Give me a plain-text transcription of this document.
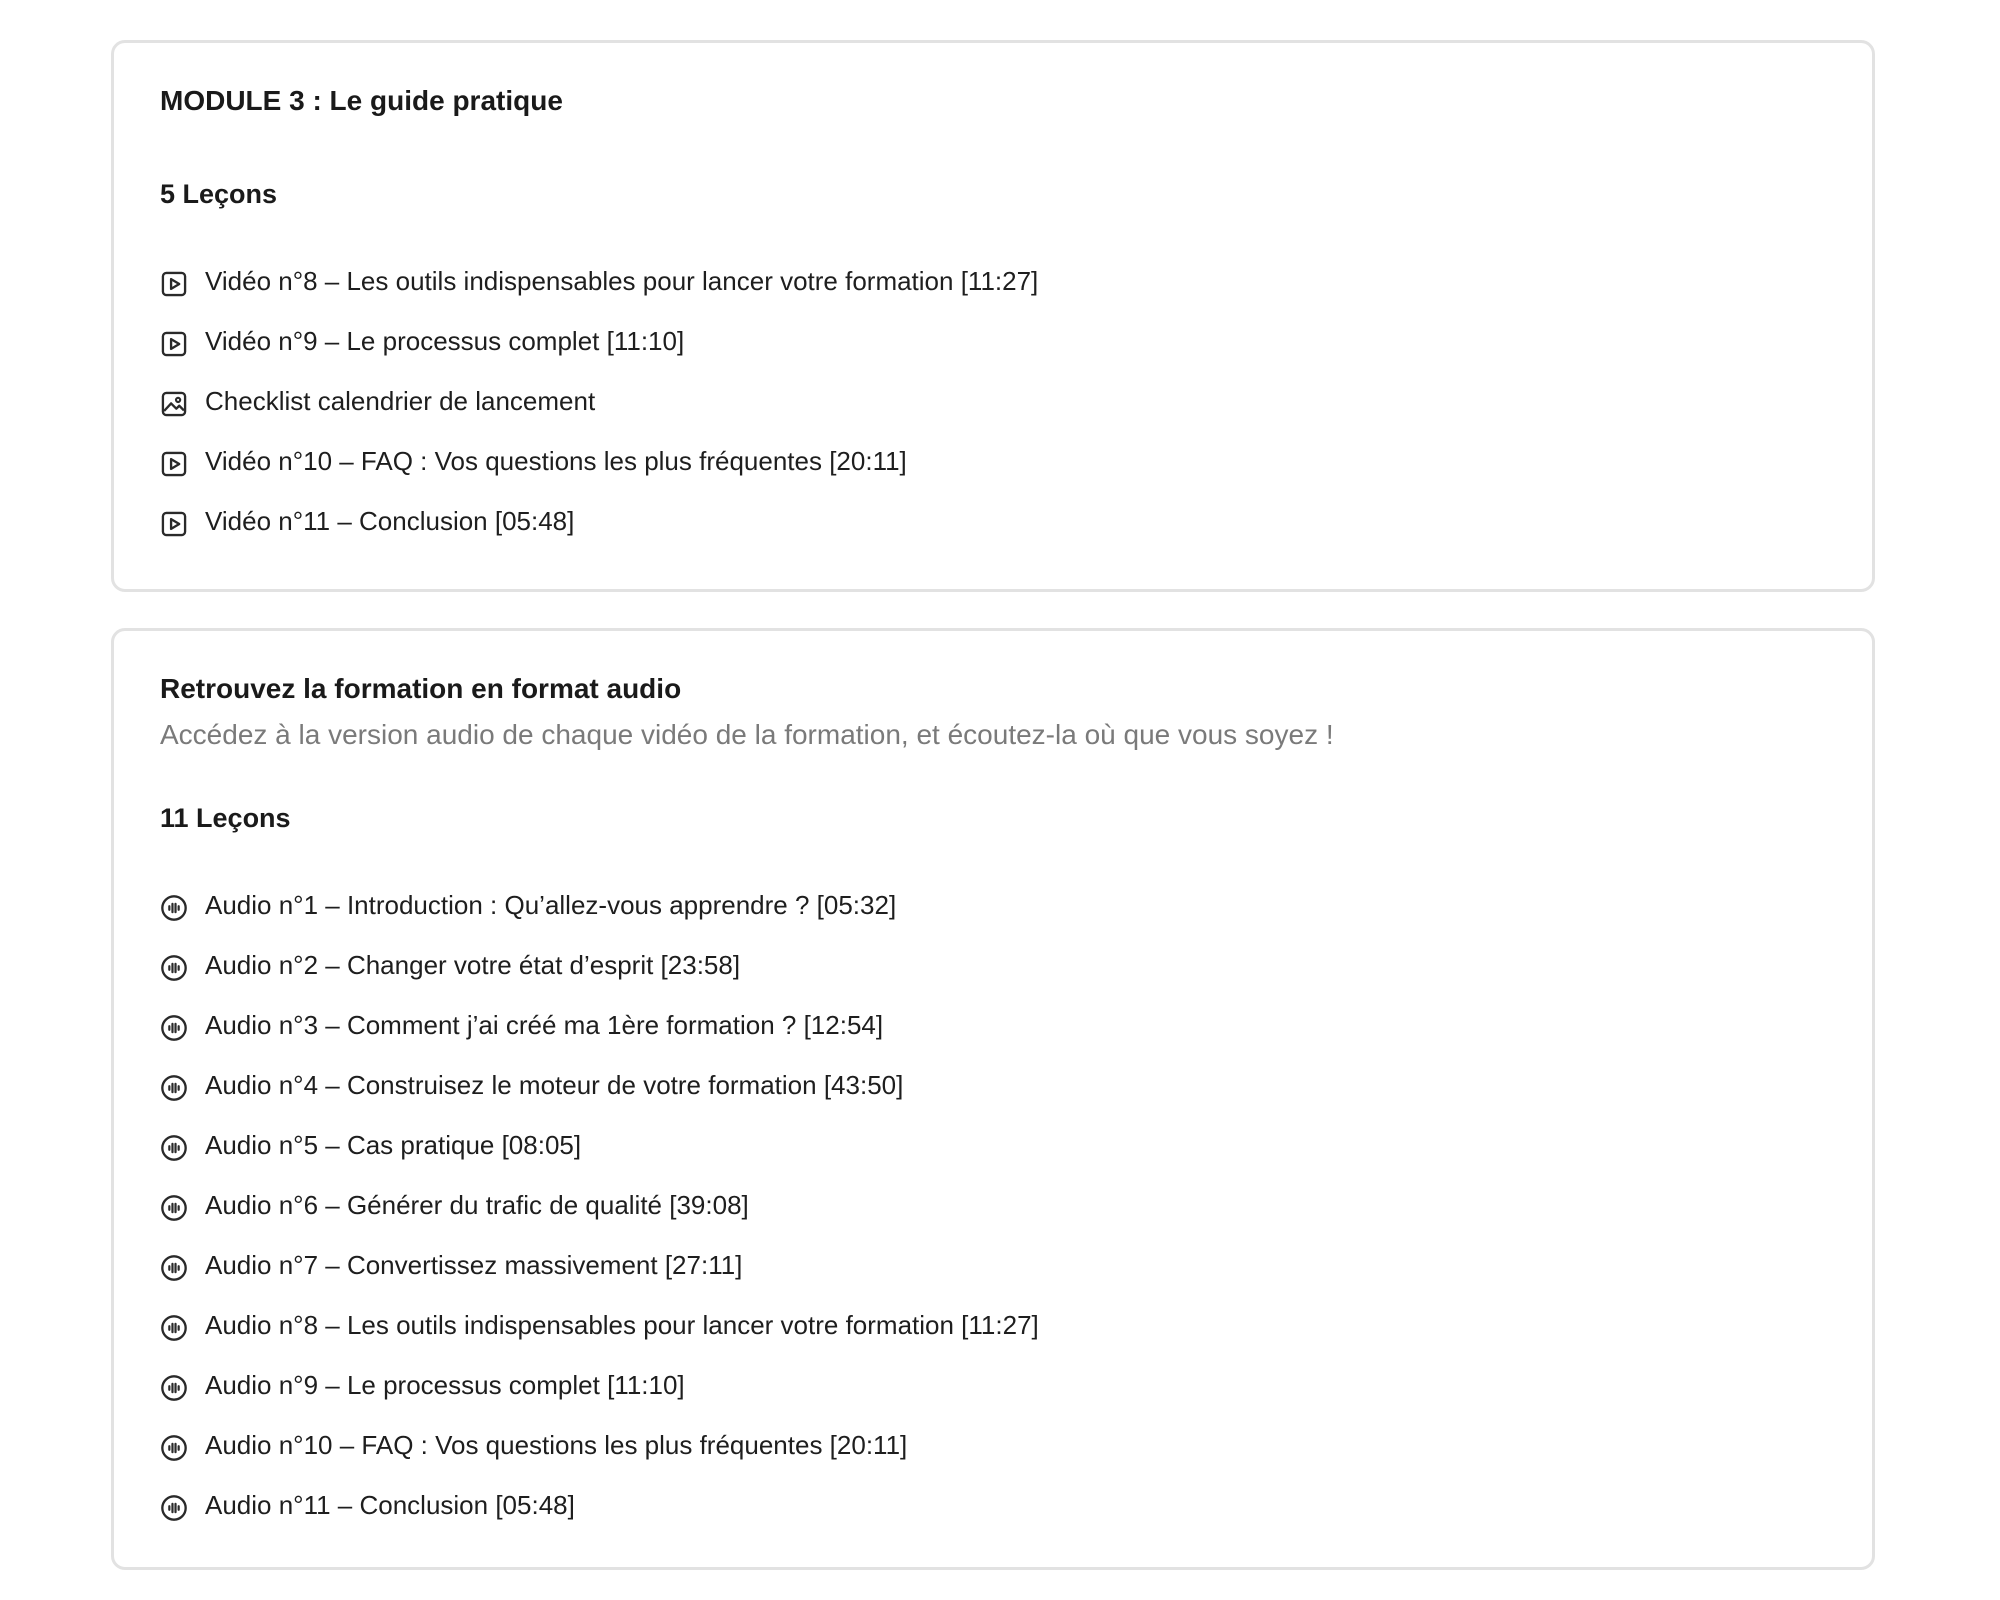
MODULE 3 : Le guide pratique
5 Leçons
Vidéo n°8 – Les outils indispensables pour lancer votre formation [11:27]
Vidéo n°9 – Le processus complet [11:10]
Checklist calendrier de lancement
Vidéo n°10 – FAQ : Vos questions les plus fréquentes [20:11]
Vidéo n°11 – Conclusion [05:48]
Retrouvez la formation en format audio
Accédez à la version audio de chaque vidéo de la formation, et écoutez-la où que vous soyez !
11 Leçons
Audio n°1 – Introduction : Qu’allez-vous apprendre ? [05:32]
Audio n°2 – Changer votre état d’esprit [23:58]
Audio n°3 – Comment j’ai créé ma 1ère formation ? [12:54]
Audio n°4 – Construisez le moteur de votre formation [43:50]
Audio n°5 – Cas pratique [08:05]
Audio n°6 – Générer du trafic de qualité [39:08]
Audio n°7 – Convertissez massivement [27:11]
Audio n°8 – Les outils indispensables pour lancer votre formation [11:27]
Audio n°9 – Le processus complet [11:10]
Audio n°10 – FAQ : Vos questions les plus fréquentes [20:11]
Audio n°11 – Conclusion [05:48]
